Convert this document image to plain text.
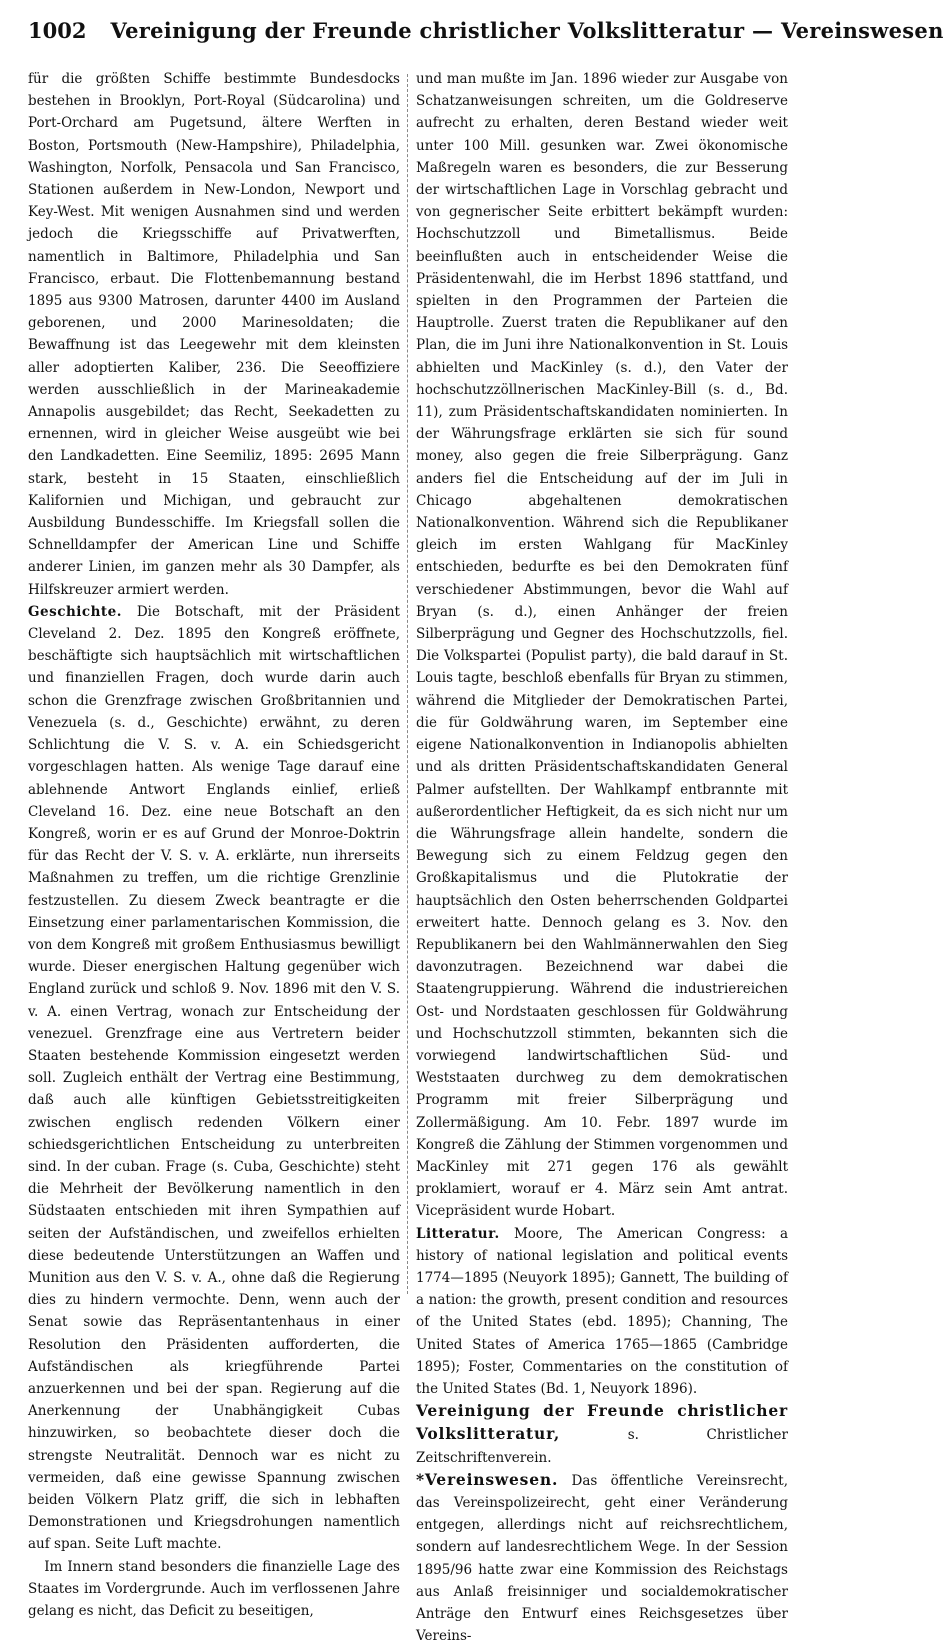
1002 Vereinigung der Freunde christlicher Volkslitteratur — Vereinswesen

für die größten Schiffe bestimmte Bundesdocks bestehen in Brooklyn, Port-Royal (Südcarolina) und Port-Orchard am Pugetsund, ältere Werften in Boston, Portsmouth (New-Hampshire), Philadelphia, Washington, Norfolk, Pensacola und San Francisco, Stationen außerdem in New-London, Newport und Key-West. Mit wenigen Ausnahmen sind und werden jedoch die Kriegsschiffe auf Privatwerften, namentlich in Baltimore, Philadelphia und San Francisco, erbaut. Die Flottenbemannung bestand 1895 aus 9300 Matrosen, darunter 4400 im Ausland geborenen, und 2000 Marinesoldaten; die Bewaffnung ist das Leegewehr mit dem kleinsten aller adoptierten Kaliber, 236. Die Seeoffiziere werden ausschließlich in der Marineakademie Annapolis ausgebildet; das Recht, Seekadetten zu ernennen, wird in gleicher Weise ausgeübt wie bei den Landkadetten. Eine Seemiliz, 1895: 2695 Mann stark, besteht in 15 Staaten, einschließlich Kalifornien und Michigan, und gebraucht zur Ausbildung Bundesschiffe. Im Kriegsfall sollen die Schnelldampfer der American Line und Schiffe anderer Linien, im ganzen mehr als 30 Dampfer, als Hilfskreuzer armiert werden.

Geschichte. Die Botschaft, mit der Präsident Cleveland 2. Dez. 1895 den Kongreß eröffnete, beschäftigte sich hauptsächlich mit wirtschaftlichen und finanziellen Fragen, doch wurde darin auch schon die Grenzfrage zwischen Großbritannien und Venezuela (s. d., Geschichte) erwähnt, zu deren Schlichtung die V. S. v. A. ein Schiedsgericht vorgeschlagen hatten. Als wenige Tage darauf eine ablehnende Antwort Englands einlief, erließ Cleveland 16. Dez. eine neue Botschaft an den Kongreß, worin er es auf Grund der Monroe-Doktrin für das Recht der V. S. v. A. erklärte, nun ihrerseits Maßnahmen zu treffen, um die richtige Grenzlinie festzustellen. Zu diesem Zweck beantragte er die Einsetzung einer parlamentarischen Kommission, die von dem Kongreß mit großem Enthusiasmus bewilligt wurde. Dieser energischen Haltung gegenüber wich England zurück und schloß 9. Nov. 1896 mit den V. S. v. A. einen Vertrag, wonach zur Entscheidung der venezuel. Grenzfrage eine aus Vertretern beider Staaten bestehende Kommission eingesetzt werden soll. Zugleich enthält der Vertrag eine Bestimmung, daß auch alle künftigen Gebietsstreitigkeiten zwischen englisch redenden Völkern einer schiedsgerichtlichen Entscheidung zu unterbreiten sind. In der cuban. Frage (s. Cuba, Geschichte) steht die Mehrheit der Bevölkerung namentlich in den Südstaaten entschieden mit ihren Sympathien auf seiten der Aufständischen, und zweifellos erhielten diese bedeutende Unterstützungen an Waffen und Munition aus den V. S. v. A., ohne daß die Regierung dies zu hindern vermochte. Denn, wenn auch der Senat sowie das Repräsentantenhaus in einer Resolution den Präsidenten aufforderten, die Aufständischen als kriegführende Partei anzuerkennen und bei der span. Regierung auf die Anerkennung der Unabhängigkeit Cubas hinzuwirken, so beobachtete dieser doch die strengste Neutralität. Dennoch war es nicht zu vermeiden, daß eine gewisse Spannung zwischen beiden Völkern Platz griff, die sich in lebhaften Demonstrationen und Kriegsdrohungen namentlich auf span. Seite Luft machte.

Im Innern stand besonders die finanzielle Lage des Staates im Vordergrunde. Auch im verflossenen Jahre gelang es nicht, das Deficit zu beseitigen,

und man mußte im Jan. 1896 wieder zur Ausgabe von Schatzanweisungen schreiten, um die Goldreserve aufrecht zu erhalten, deren Bestand wieder weit unter 100 Mill. gesunken war. Zwei ökonomische Maßregeln waren es besonders, die zur Besserung der wirtschaftlichen Lage in Vorschlag gebracht und von gegnerischer Seite erbittert bekämpft wurden: Hochschutzzoll und Bimetallismus. Beide beeinflußten auch in entscheidender Weise die Präsidentenwahl, die im Herbst 1896 stattfand, und spielten in den Programmen der Parteien die Hauptrolle. Zuerst traten die Republikaner auf den Plan, die im Juni ihre Nationalkonvention in St. Louis abhielten und MacKinley (s. d.), den Vater der hochschutzzöllnerischen MacKinley-Bill (s. d., Bd. 11), zum Präsidentschaftskandidaten nominierten. In der Währungsfrage erklärten sie sich für sound money, also gegen die freie Silberprägung. Ganz anders fiel die Entscheidung auf der im Juli in Chicago abgehaltenen demokratischen Nationalkonvention. Während sich die Republikaner gleich im ersten Wahlgang für MacKinley entschieden, bedurfte es bei den Demokraten fünf verschiedener Abstimmungen, bevor die Wahl auf Bryan (s. d.), einen Anhänger der freien Silberprägung und Gegner des Hochschutzzolls, fiel. Die Volkspartei (Populist party), die bald darauf in St. Louis tagte, beschloß ebenfalls für Bryan zu stimmen, während die Mitglieder der Demokratischen Partei, die für Goldwährung waren, im September eine eigene Nationalkonvention in Indianopolis abhielten und als dritten Präsidentschaftskandidaten General Palmer aufstellten. Der Wahlkampf entbrannte mit außerordentlicher Heftigkeit, da es sich nicht nur um die Währungsfrage allein handelte, sondern die Bewegung sich zu einem Feldzug gegen den Großkapitalismus und die Plutokratie der hauptsächlich den Osten beherrschenden Goldpartei erweitert hatte. Dennoch gelang es 3. Nov. den Republikanern bei den Wahlmännerwahlen den Sieg davonzutragen. Bezeichnend war dabei die Staatengruppierung. Während die industriereichen Ost- und Nordstaaten geschlossen für Goldwährung und Hochschutzzoll stimmten, bekannten sich die vorwiegend landwirtschaftlichen Süd- und Weststaaten durchweg zu dem demokratischen Programm mit freier Silberprägung und Zollermäßigung. Am 10. Febr. 1897 wurde im Kongreß die Zählung der Stimmen vorgenommen und MacKinley mit 271 gegen 176 als gewählt proklamiert, worauf er 4. März sein Amt antrat. Vicepräsident wurde Hobart.

Litteratur. Moore, The American Congress: a history of national legislation and political events 1774—1895 (Neuyork 1895); Gannett, The building of a nation: the growth, present condition and resources of the United States (ebd. 1895); Channing, The United States of America 1765—1865 (Cambridge 1895); Foster, Commentaries on the constitution of the United States (Bd. 1, Neuyork 1896).

Vereinigung der Freunde christlicher Volkslitteratur,	s. Christlicher Zeitschriftenverein.

*Vereinswesen. Das öffentliche Vereinsrecht, das Vereinspolizeirecht, geht einer Veränderung entgegen, allerdings nicht auf reichsrechtlichem, sondern auf landesrechtlichem Wege. In der Session 1895/96 hatte zwar eine Kommission des Reichstags aus Anlaß freisinniger und socialdemokratischer Anträge den Entwurf eines Reichsgesetzes über Vereins-
